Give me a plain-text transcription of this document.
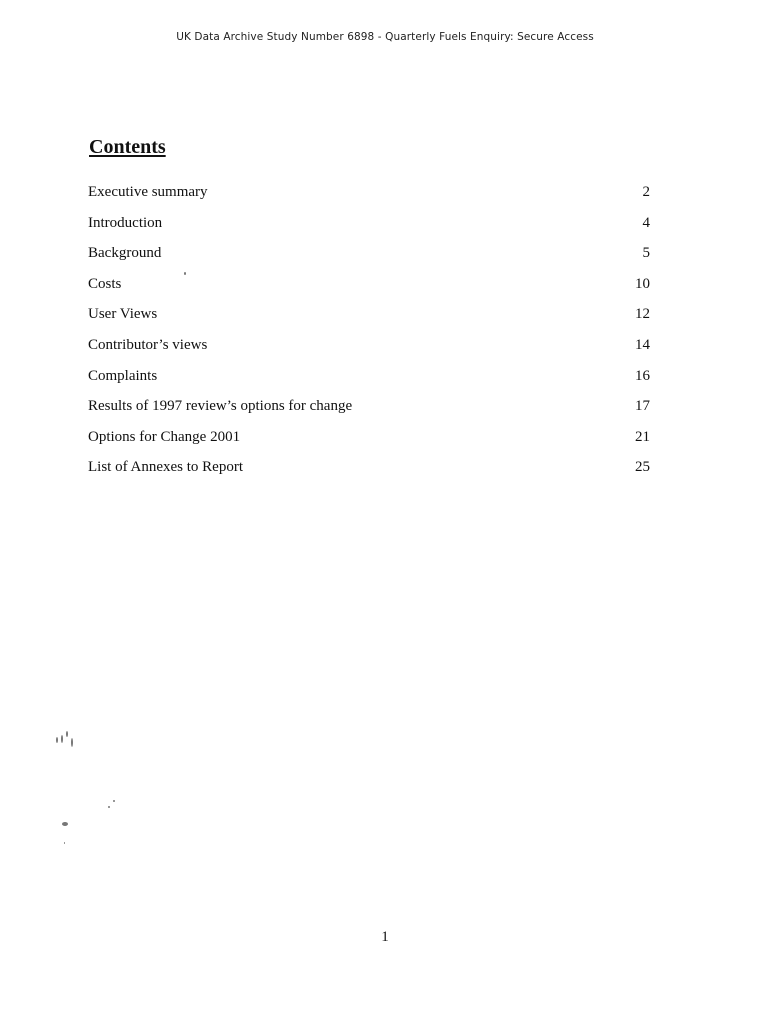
UK Data Archive Study Number 6898 - Quarterly Fuels Enquiry: Secure Access
Contents
Executive summary	2
Introduction	4
Background	5
Costs	10
User Views	12
Contributor’s views	14
Complaints	16
Results of 1997 review’s options for change	17
Options for Change 2001	21
List of Annexes to Report	25
1
